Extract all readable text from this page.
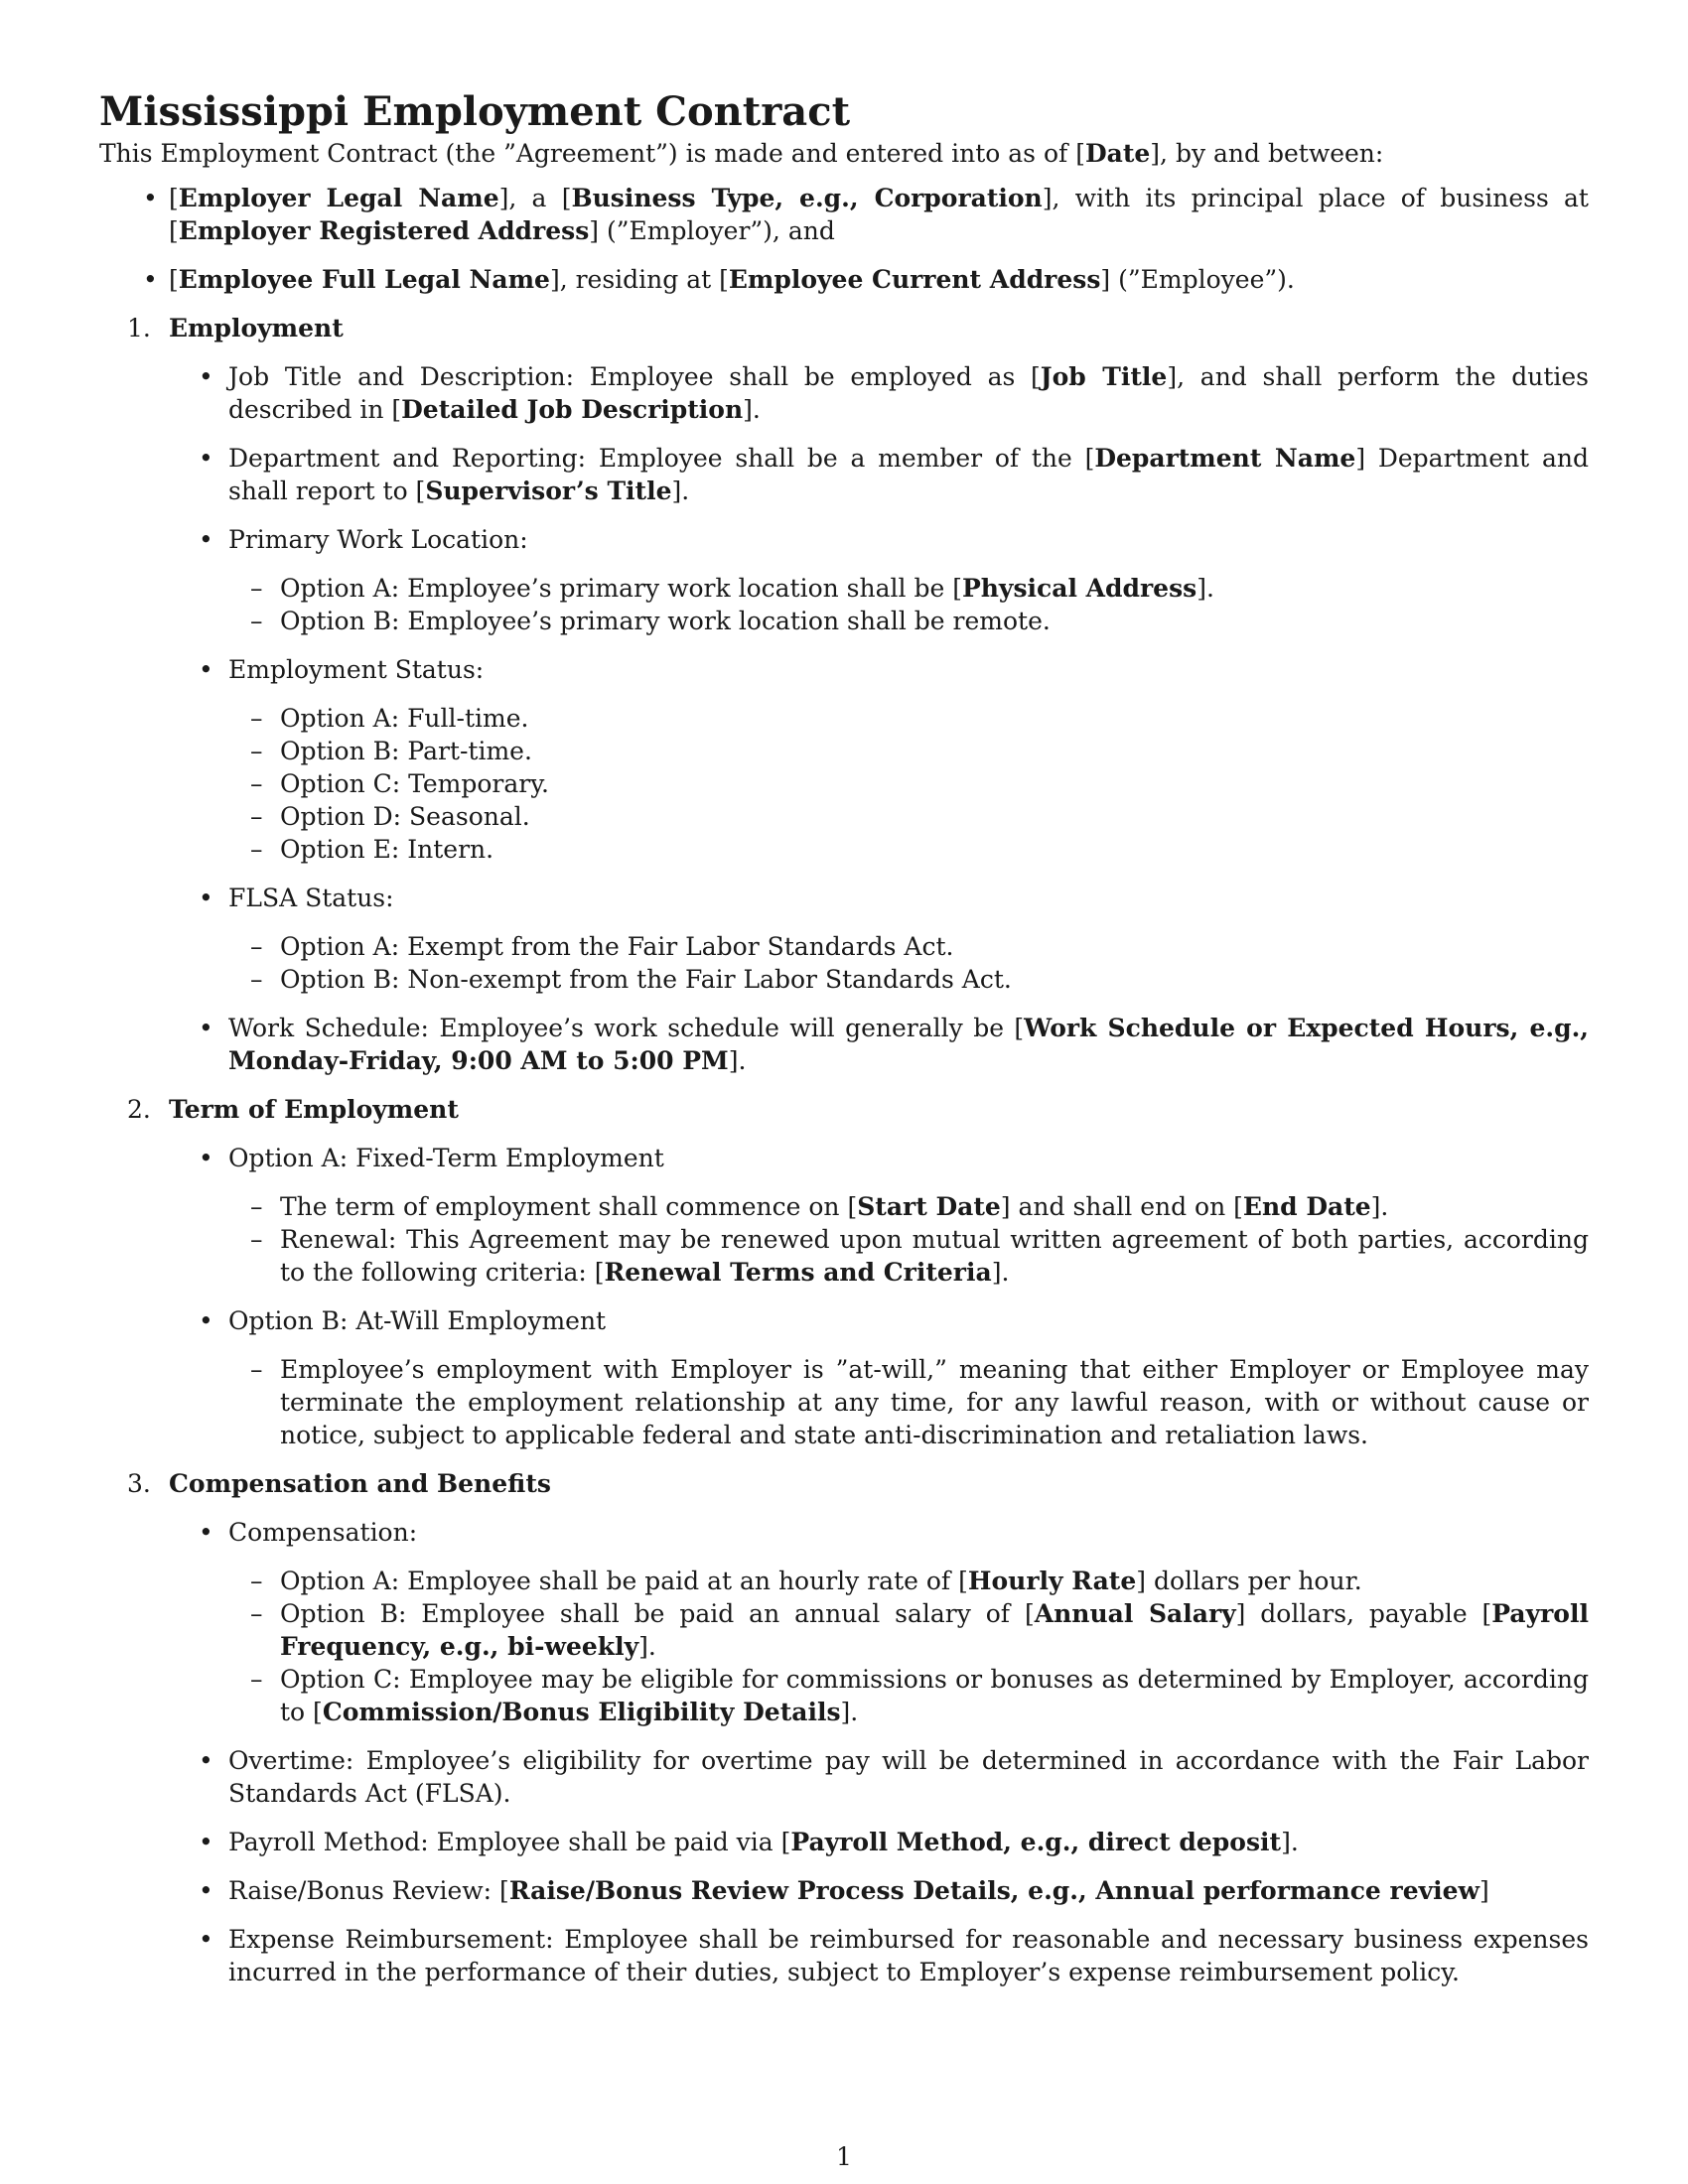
Mississippi Employment Contract

This Employment Contract (the ”Agreement”) is made and entered into as of [Date], by and between:

• [Employer Legal Name], a [Business Type, e.g., Corporation], with its principal place of business at [Employer Registered Address] (”Employer”), and
• [Employee Full Legal Name], residing at [Employee Current Address] (”Employee”).
1. Employment
• Job Title and Description: Employee shall be employed as [Job Title], and shall perform the duties described in [Detailed Job Description].
• Department and Reporting: Employee shall be a member of the [Department Name] Department and shall report to [Supervisor’s Title].
• Primary Work Location:
– Option A: Employee’s primary work location shall be [Physical Address].
– Option B: Employee’s primary work location shall be remote.
• Employment Status:
– Option A: Full-time.
– Option B: Part-time.
– Option C: Temporary.
– Option D: Seasonal.
– Option E: Intern.
• FLSA Status:
– Option A: Exempt from the Fair Labor Standards Act.
– Option B: Non-exempt from the Fair Labor Standards Act.
• Work Schedule: Employee’s work schedule will generally be [Work Schedule or Expected Hours, e.g., Monday-Friday, 9:00 AM to 5:00 PM].
2. Term of Employment
• Option A: Fixed-Term Employment
– The term of employment shall commence on [Start Date] and shall end on [End Date].
– Renewal: This Agreement may be renewed upon mutual written agreement of both parties, according to the following criteria: [Renewal Terms and Criteria].
• Option B: At-Will Employment
– Employee’s employment with Employer is ”at-will,” meaning that either Employer or Employee may terminate the employment relationship at any time, for any lawful reason, with or without cause or notice, subject to applicable federal and state anti-discrimination and retaliation laws.
3. Compensation and Benefits
• Compensation:
– Option A: Employee shall be paid at an hourly rate of [Hourly Rate] dollars per hour.
– Option B: Employee shall be paid an annual salary of [Annual Salary] dollars, payable [Payroll Frequency, e.g., bi-weekly].
– Option C: Employee may be eligible for commissions or bonuses as determined by Employer, according to [Commission/Bonus Eligibility Details].
• Overtime: Employee’s eligibility for overtime pay will be determined in accordance with the Fair Labor Standards Act (FLSA).
• Payroll Method: Employee shall be paid via [Payroll Method, e.g., direct deposit].
• Raise/Bonus Review: [Raise/Bonus Review Process Details, e.g., Annual performance review]
• Expense Reimbursement: Employee shall be reimbursed for reasonable and necessary business expenses incurred in the performance of their duties, subject to Employer’s expense reimbursement policy.
1
